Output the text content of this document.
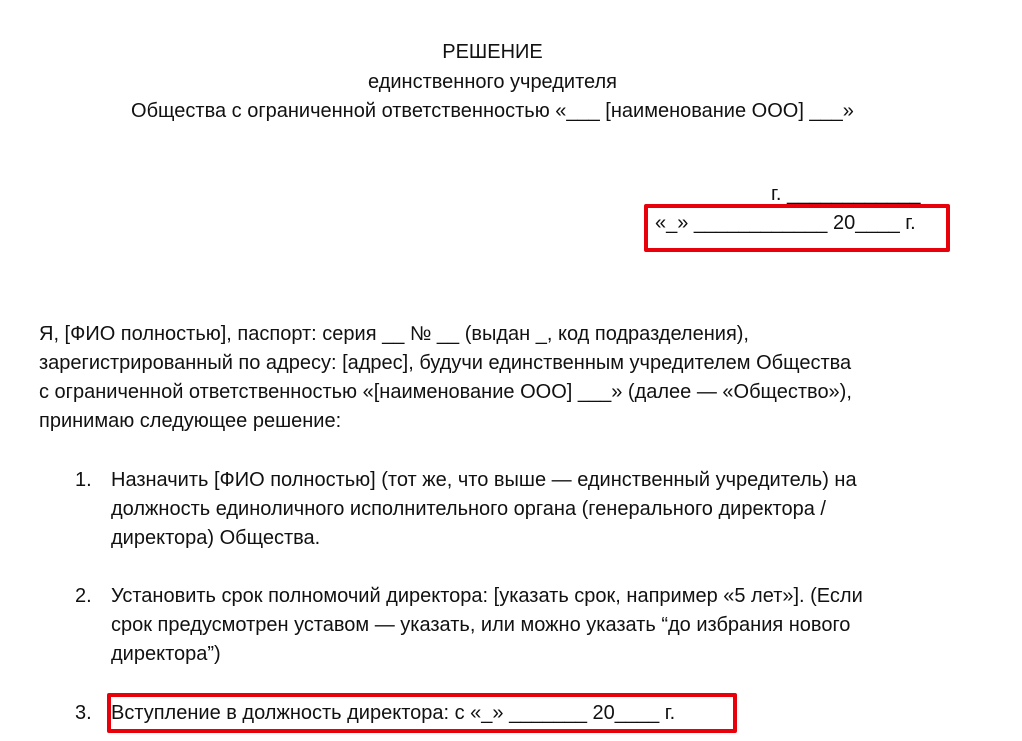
РЕШЕНИЕ
единственного учредителя
Общества с ограниченной ответственностью «___ [наименование ООО] ___»
г. ____________
«_» ____________ 20____ г.
Я, [ФИО полностью], паспорт: серия __ № __ (выдан _, код подразделения),
зарегистрированный по адресу: [адрес], будучи единственным учредителем Общества
с ограниченной ответственностью «[наименование ООО] ___» (далее — «Общество»),
принимаю следующее решение:
1. Назначить [ФИО полностью] (тот же, что выше — единственный учредитель) на
должность единоличного исполнительного органа (генерального директора /
директора) Общества.
2. Установить срок полномочий директора: [указать срок, например «5 лет»]. (Если
срок предусмотрен уставом — указать, или можно указать “до избрания нового
директора”)
3. Вступление в должность директора: с «_» _______ 20____ г.
